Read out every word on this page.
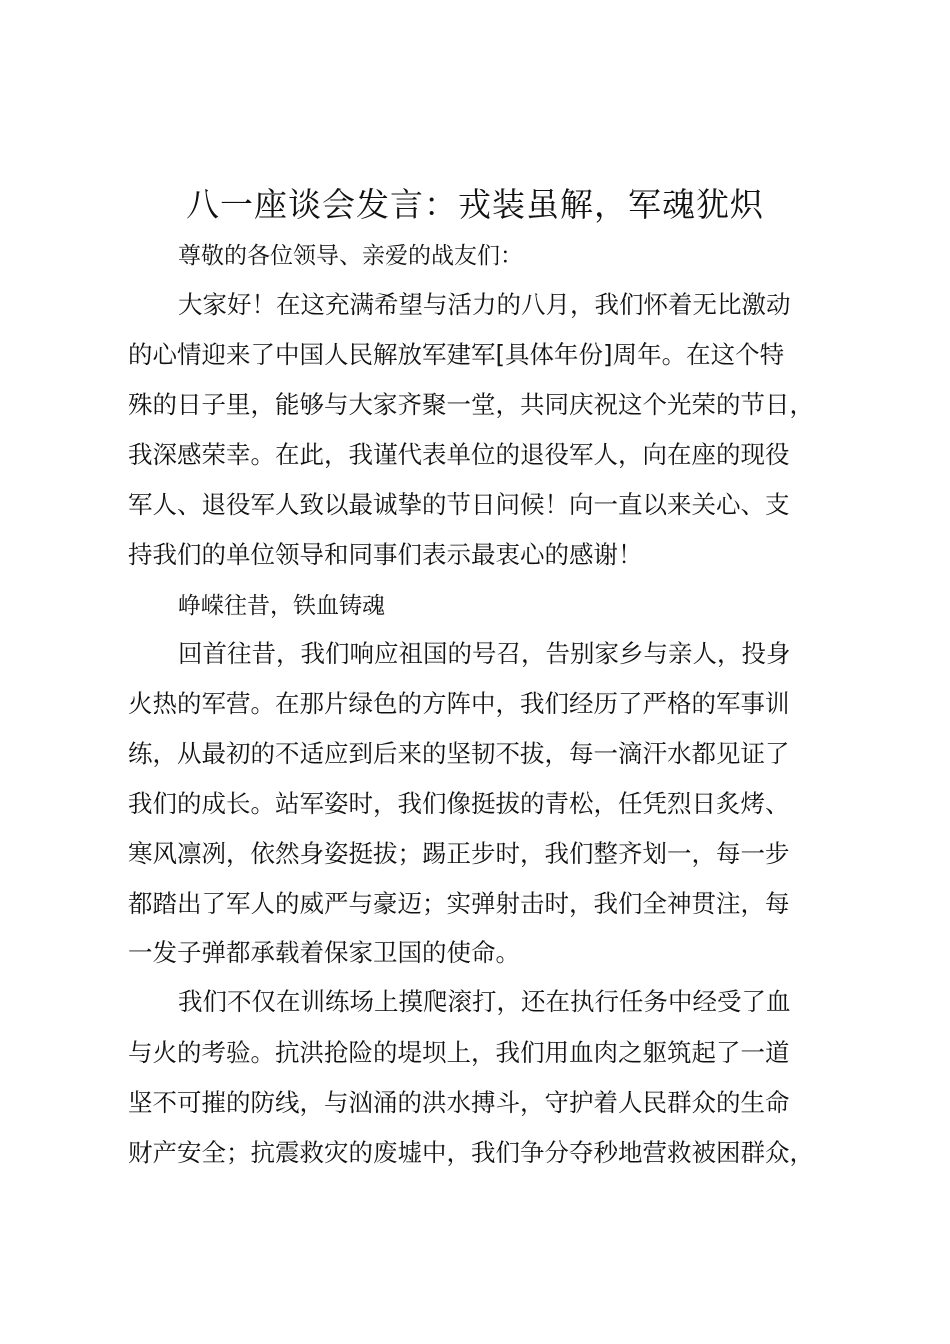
八一座谈会发言：戎装虽解，军魂犹炽
尊敬的各位领导、亲爱的战友们：
大家好！在这充满希望与活力的八月，我们怀着无比激动
的心情迎来了中国人民解放军建军[具体年份]周年。在这个特
殊的日子里，能够与大家齐聚一堂，共同庆祝这个光荣的节日，
我深感荣幸。在此，我谨代表单位的退役军人，向在座的现役
军人、退役军人致以最诚挚的节日问候！向一直以来关心、支
持我们的单位领导和同事们表示最衷心的感谢！
峥嵘往昔，铁血铸魂
回首往昔，我们响应祖国的号召，告别家乡与亲人，投身
火热的军营。在那片绿色的方阵中，我们经历了严格的军事训
练，从最初的不适应到后来的坚韧不拔，每一滴汗水都见证了
我们的成长。站军姿时，我们像挺拔的青松，任凭烈日炙烤、
寒风凛冽，依然身姿挺拔；踢正步时，我们整齐划一，每一步
都踏出了军人的威严与豪迈；实弹射击时，我们全神贯注，每
一发子弹都承载着保家卫国的使命。
我们不仅在训练场上摸爬滚打，还在执行任务中经受了血
与火的考验。抗洪抢险的堤坝上，我们用血肉之躯筑起了一道
坚不可摧的防线，与汹涌的洪水搏斗，守护着人民群众的生命
财产安全；抗震救灾的废墟中，我们争分夺秒地营救被困群众，
